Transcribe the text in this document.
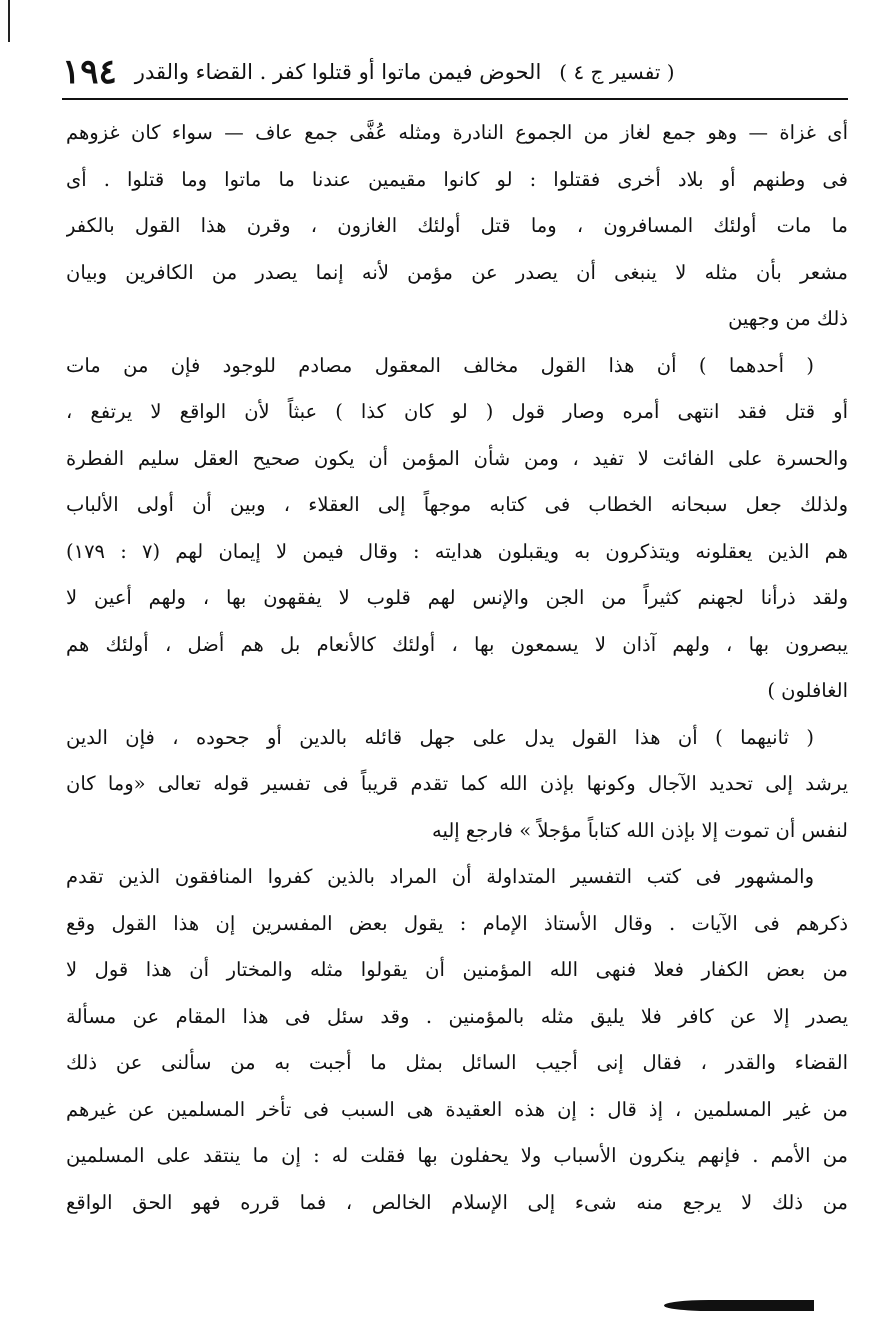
١٩٤ الحوض فيمن ماتوا أو قتلوا كفر . القضاء والقدر ( تفسير ج ٤ )
أى غزاة — وهو جمع لغاز من الجموع النادرة ومثله عُفَّى جمع عاف — سواء كان غزوهم
فى وطنهم أو بلاد أخرى فقتلوا : لو كانوا مقيمين عندنا ما ماتوا وما قتلوا . أى
ما مات أولئك المسافرون ، وما قتل أولئك الغازون ، وقرن هذا القول بالكفر
مشعر بأن مثله لا ينبغى أن يصدر عن مؤمن لأنه إنما يصدر من الكافرين وبيان
ذلك من وجهين
( أحدهما ) أن هذا القول مخالف المعقول مصادم للوجود فإن من مات
أو قتل فقد انتهى أمره وصار قول ( لو كان كذا ) عبثاً لأن الواقع لا يرتفع ،
والحسرة على الفائت لا تفيد ، ومن شأن المؤمن أن يكون صحيح العقل سليم الفطرة
ولذلك جعل سبحانه الخطاب فى كتابه موجهاً إلى العقلاء ، وبين أن أولى الألباب
هم الذين يعقلونه ويتذكرون به ويقبلون هدايته : وقال فيمن لا إيمان لهم (٧ : ١٧٩)
ولقد ذرأنا لجهنم كثيراً من الجن والإنس لهم قلوب لا يفقهون بها ، ولهم أعين لا
يبصرون بها ، ولهم آذان لا يسمعون بها ، أولئك كالأنعام بل هم أضل ، أولئك هم
الغافلون )
( ثانيهما ) أن هذا القول يدل على جهل قائله بالدين أو جحوده ، فإن الدين
يرشد إلى تحديد الآجال وكونها بإذن الله كما تقدم قريباً فى تفسير قوله تعالى «وما كان
لنفس أن تموت إلا بإذن الله كتاباً مؤجلاً » فارجع إليه
والمشهور فى كتب التفسير المتداولة أن المراد بالذين كفروا المنافقون الذين تقدم
ذكرهم فى الآيات . وقال الأستاذ الإمام : يقول بعض المفسرين إن هذا القول وقع
من بعض الكفار فعلا فنهى الله المؤمنين أن يقولوا مثله والمختار أن هذا قول لا
يصدر إلا عن كافر فلا يليق مثله بالمؤمنين . وقد سئل فى هذا المقام عن مسألة
القضاء والقدر ، فقال إنى أجيب السائل بمثل ما أجبت به من سألنى عن ذلك
من غير المسلمين ، إذ قال : إن هذه العقيدة هى السبب فى تأخر المسلمين عن غيرهم
من الأمم . فإنهم ينكرون الأسباب ولا يحفلون بها فقلت له : إن ما ينتقد على المسلمين
من ذلك لا يرجع منه شىء إلى الإسلام الخالص ، فما قرره فهو الحق الواقع
